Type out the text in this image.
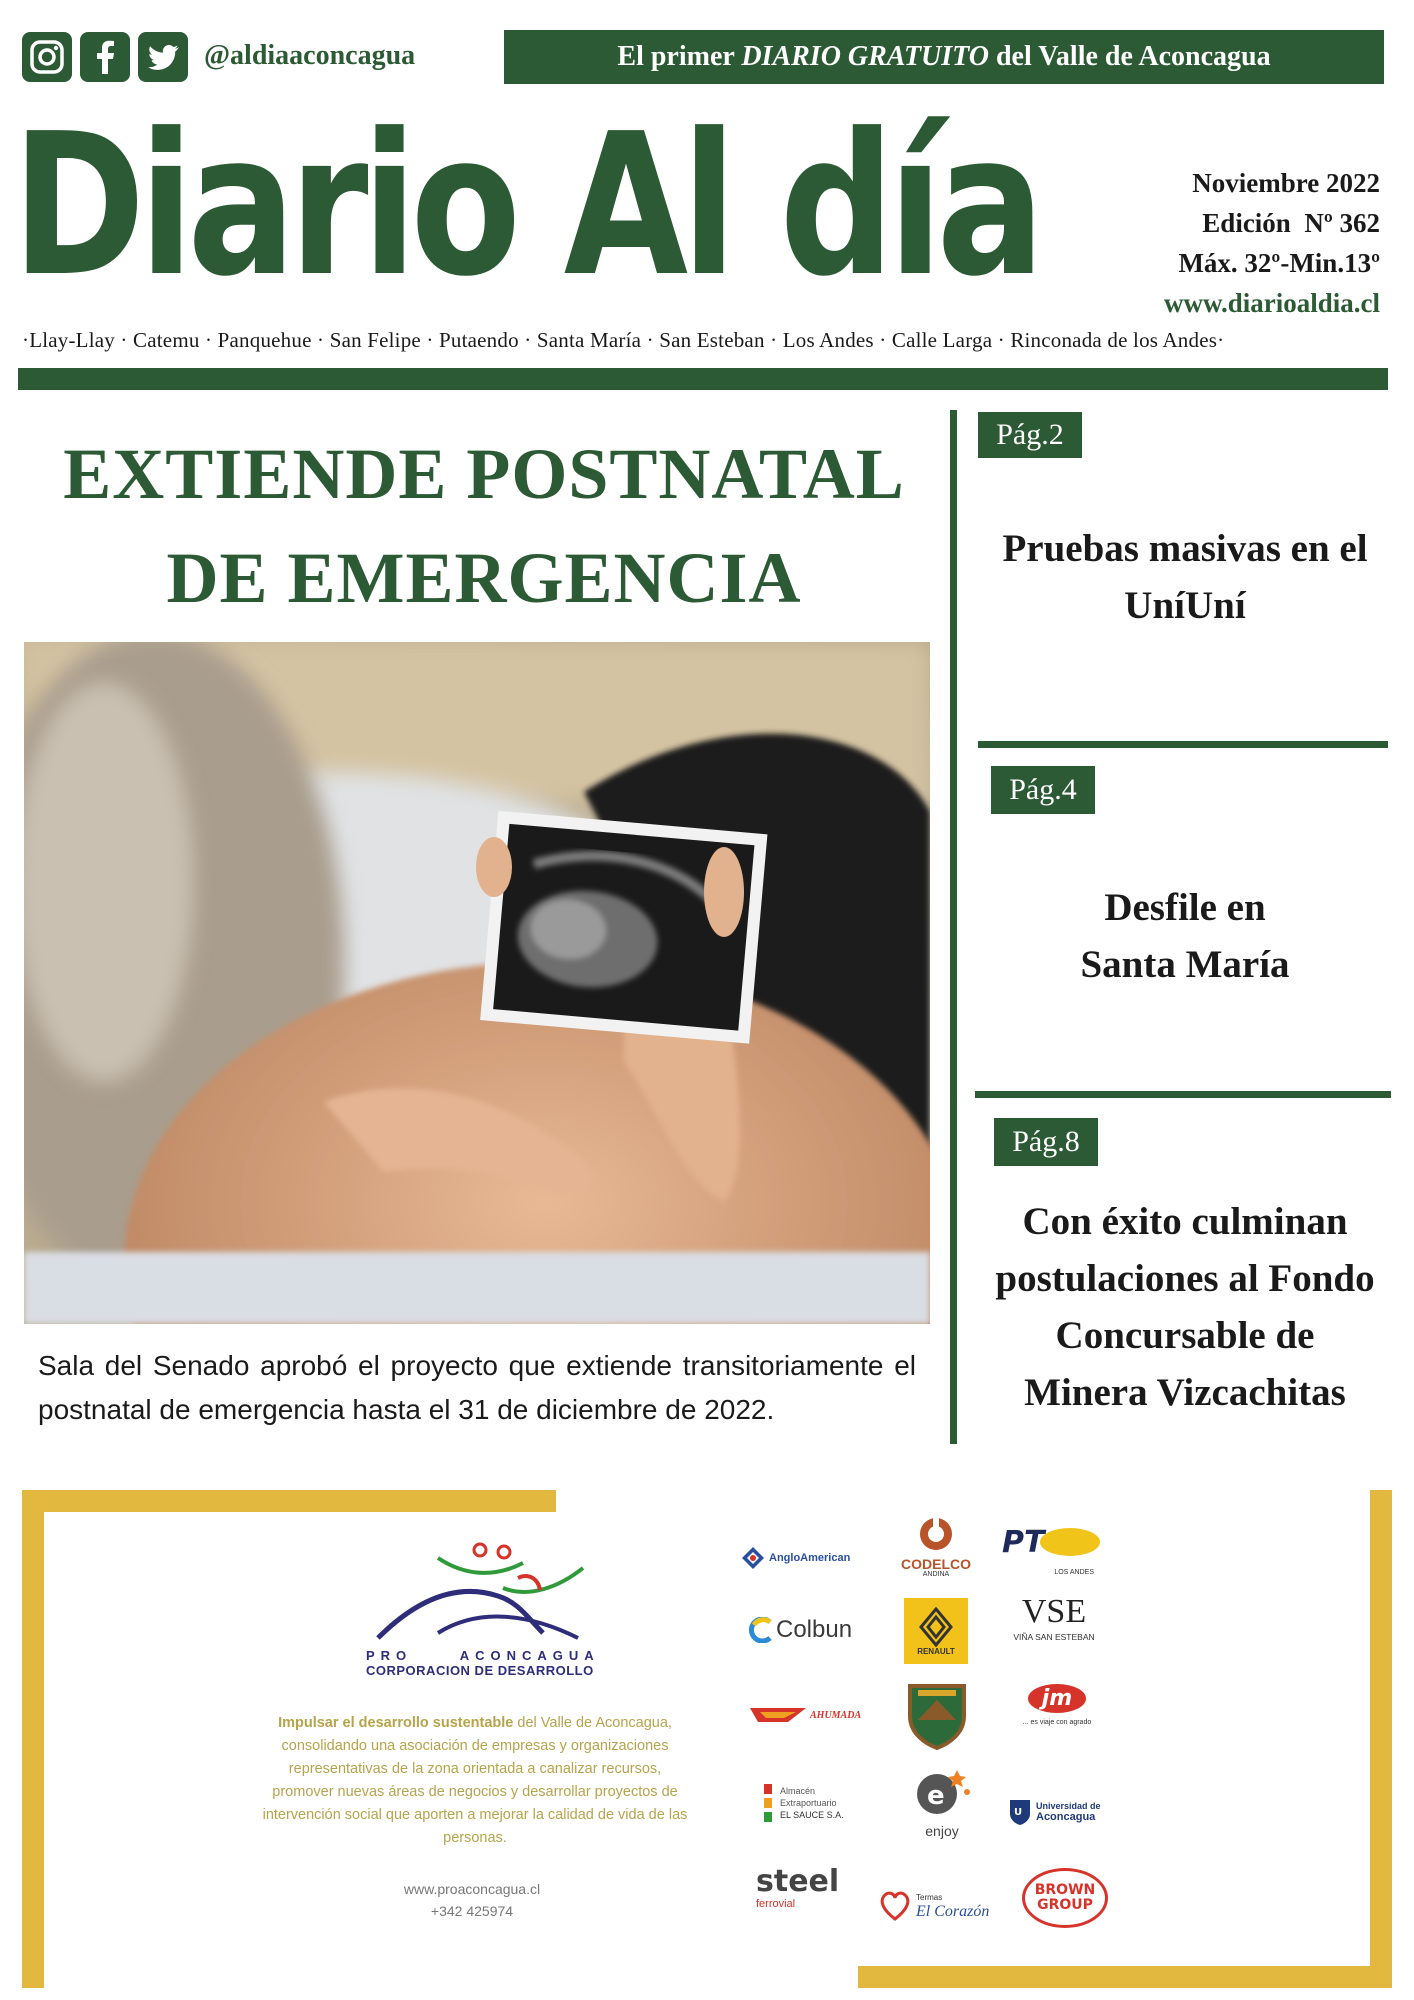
@aldiaaconcagua	El primer DIARIO GRATUITO del Valle de Aconcagua
Diario Al día	Noviembre 2022
Edición  Nº 362
Máx. 32º-Min.13º
www.diarioaldia.cl
·Llay-Llay · Catemu · Panquehue · San Felipe · Putaendo · Santa María · San Esteban · Los Andes · Calle Larga · Rinconada de los Andes·
EXTIENDE POSTNATAL
DE EMERGENCIA
Sala del Senado aprobó el proyecto que extiende transitoriamente el postnatal de emergencia hasta el 31 de diciembre de 2022.
Pág.2
Pruebas masivas en el
UníUní
Pág.4
Desfile en
Santa María
Pág.8
Con éxito culminan
postulaciones al Fondo
Concursable de
Minera Vizcachitas
PRO     ACONCAGUA
CORPORACION DE DESARROLLO
Impulsar el desarrollo sustentable del Valle de Aconcagua, consolidando una asociación de empresas y organizaciones representativas de la zona orientada a canalizar recursos, promover nuevas áreas de negocios y desarrollar proyectos de intervención social que aporten a mejorar la calidad de vida de las personas.
www.proaconcagua.cl
+342 425974
AngloAmerican	CODELCO
ANDINA
PT
LOS ANDES
Colbun
RENAULT
VSE
VIÑA SAN ESTEBAN
AHUMADA
jm
... es viaje con agrado
Almacén
Extraportuario
EL SAUCE S.A.
e
enjoy
U
Universidad de
Aconcagua
steel
ferrovial
Termas
El Corazón
BROWN
GROUP
